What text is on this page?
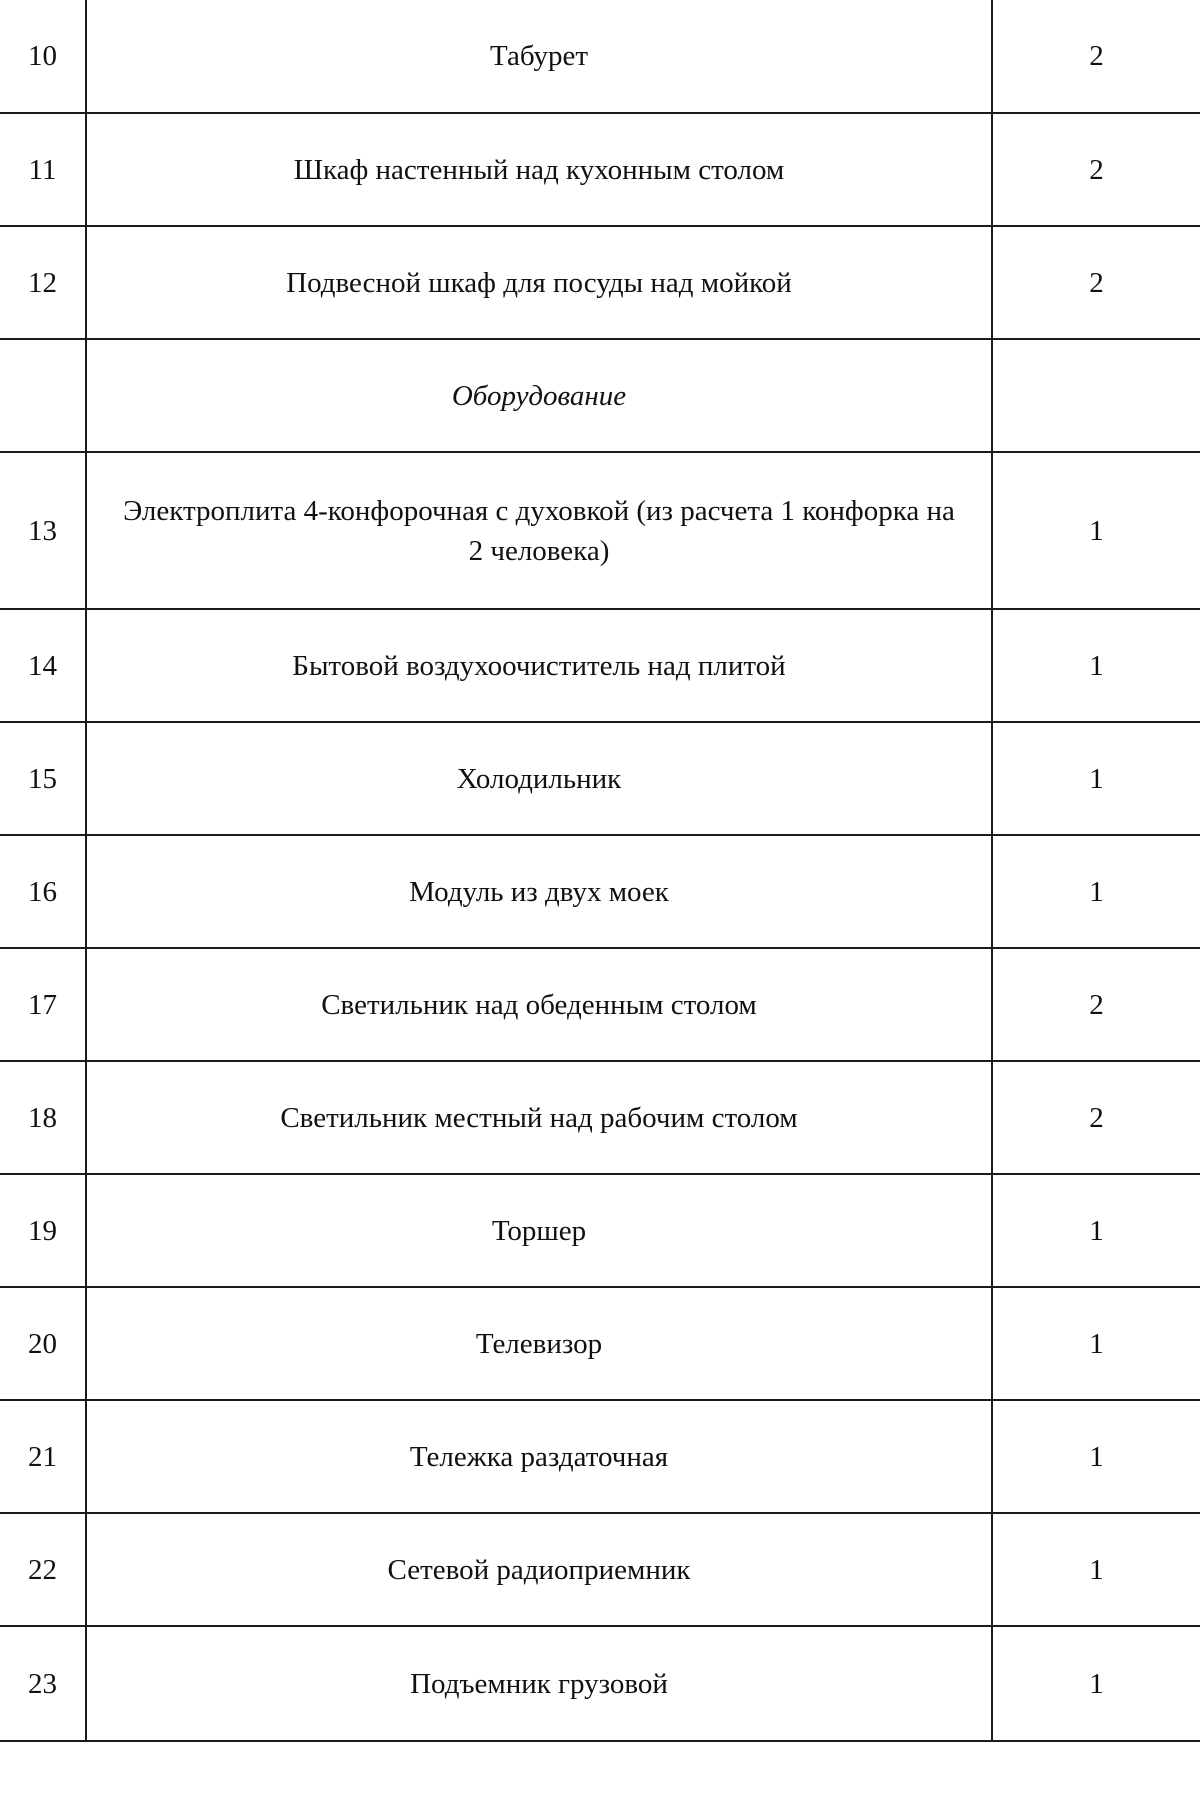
10	Табурет	2
11	Шкаф настенный над кухонным столом	2
12	Подвесной шкаф для посуды над мойкой	2
	Оборудование	
13	Электроплита 4-конфорочная с духовкой (из расчета 1 конфорка на 2 человека)	1
14	Бытовой воздухоочиститель над плитой	1
15	Холодильник	1
16	Модуль из двух моек	1
17	Светильник над обеденным столом	2
18	Светильник местный над рабочим столом	2
19	Торшер	1
20	Телевизор	1
21	Тележка раздаточная	1
22	Сетевой радиоприемник	1
23	Подъемник грузовой	1
